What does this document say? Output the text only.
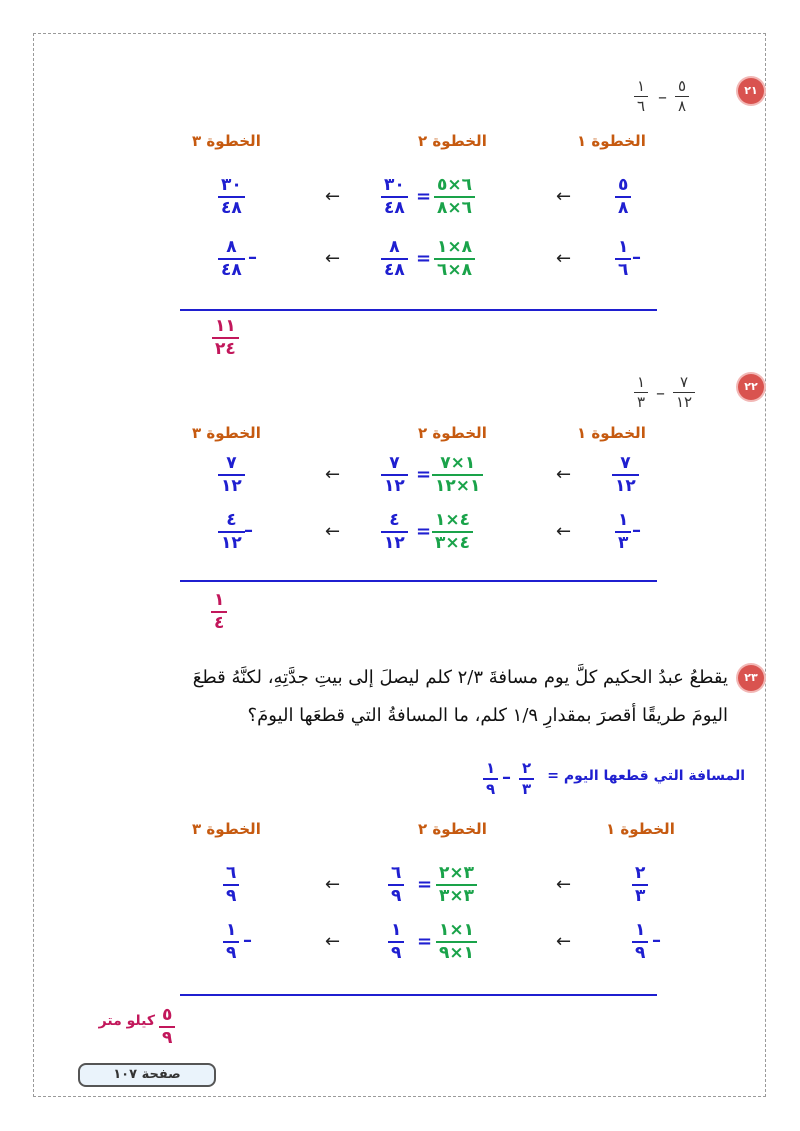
٢١
٥
٨
–
١
٦
الخطوة ١
الخطوة ٢
الخطوة ٣
٥
٨
←
٦×٥
٦×٨
=
٣٠
٤٨
←
٣٠
٤٨
١
٦
–
←
٨×١
٨×٦
=
٨
٤٨
←
٨
٤٨
–
١١
٢٤
٢٢
٧
١٢
–
١
٣
الخطوة ١
الخطوة ٢
الخطوة ٣
٧
١٢
←
١×٧
١×١٢
=
٧
١٢
←
٧
١٢
١
٣
–
←
٤×١
٤×٣
=
٤
١٢
←
٤
١٢
–
١
٤
٢٣
يقطعُ عبدُ الحكيم كلَّ يوم مسافةَ ٢/٣ كلم ليصلَ إلى بيتِ جدَّتِهِ، لكنَّهُ قطعَ
اليومَ طريقًا أقصرَ بمقدارِ ١/٩ كلم، ما المسافةُ التي قطعَها اليومَ؟
المسافة التي قطعها اليوم =
٢
٣
–
١
٩
الخطوة ١
الخطوة ٢
الخطوة ٣
٢
٣
←
٣×٢
٣×٣
=
٦
٩
←
٦
٩
١
٩
–
←
١×١
١×٩
=
١
٩
←
١
٩
–
٥
٩
كيلو متر
صفحة ١٠٧
